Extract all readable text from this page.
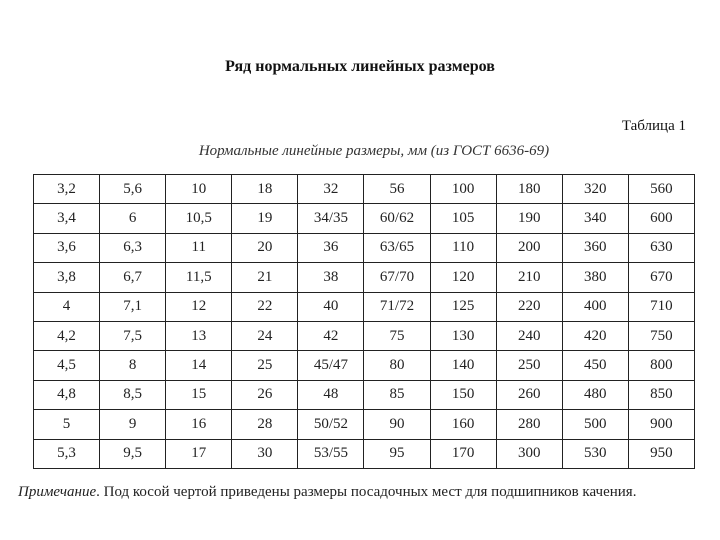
Ряд нормальных линейных размеров
Таблица 1
Нормальные линейные размеры, мм (из ГОСТ 6636-69)
3,2	5,6	10	18	32	56	100	180	320	560
3,4	6	10,5	19	34/35	60/62	105	190	340	600
3,6	6,3	11	20	36	63/65	110	200	360	630
3,8	6,7	11,5	21	38	67/70	120	210	380	670
4	7,1	12	22	40	71/72	125	220	400	710
4,2	7,5	13	24	42	75	130	240	420	750
4,5	8	14	25	45/47	80	140	250	450	800
4,8	8,5	15	26	48	85	150	260	480	850
5	9	16	28	50/52	90	160	280	500	900
5,3	9,5	17	30	53/55	95	170	300	530	950
Примечание. Под косой чертой приведены размеры посадочных мест для подшипников качения.
